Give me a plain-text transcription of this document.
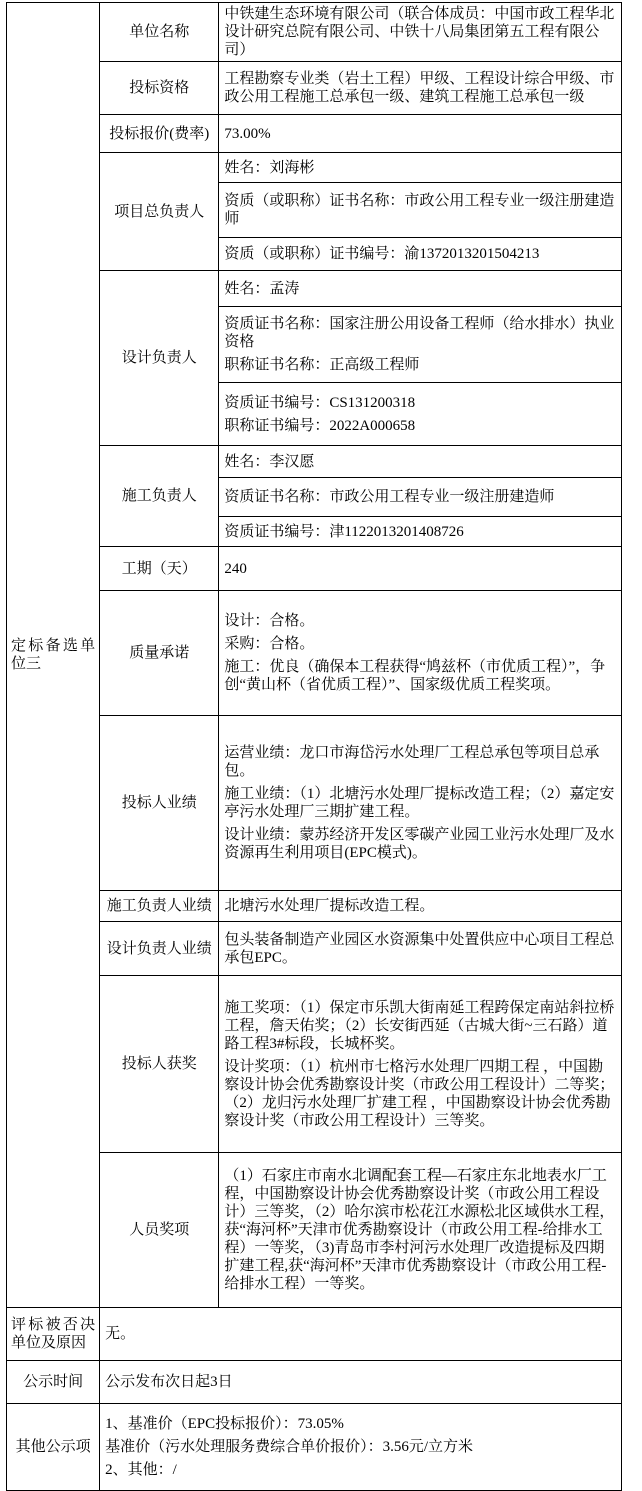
定标备选单位三	单位名称	中铁建生态环境有限公司（联合体成员：中国市政工程华北设计研究总院有限公司、中铁十八局集团第五工程有限公司）
	投标资格	工程勘察专业类（岩土工程）甲级、工程设计综合甲级、市政公用工程施工总承包一级、建筑工程施工总承包一级
	投标报价(费率)	73.00%
	项目总负责人	姓名：刘海彬
		资质（或职称）证书名称：市政公用工程专业一级注册建造师
		资质（或职称）证书编号：渝1372013201504213
	设计负责人	姓名：孟涛

		资质证书名称：国家注册公用设备工程师（给水排水）执业资格

职称证书名称：正高级工程师

		资质证书编号：CS131200318

职称证书编号：2022A000658

	施工负责人	姓名：李汉愿
		资质证书名称：市政公用工程专业一级注册建造师
		资质证书编号：津1122013201408726
	工期（天）	240
	质量承诺	设计：合格。

采购：合格。

施工：优良（确保本工程获得“鸠兹杯（市优质工程）”，争创“黄山杯（省优质工程）”、国家级优质工程奖项。

	投标人业绩	运营业绩：龙口市海岱污水处理厂工程总承包等项目总承包。

施工业绩：（1）北塘污水处理厂提标改造工程；（2）嘉定安亭污水处理厂三期扩建工程。

设计业绩：蒙苏经济开发区零碳产业园工业污水处理厂及水资源再生利用项目(EPC模式)。

	施工负责人业绩	北塘污水处理厂提标改造工程。
	设计负责人业绩	包头装备制造产业园区水资源集中处置供应中心项目工程总承包EPC。
	投标人获奖	施工奖项：（1）保定市乐凯大街南延工程跨保定南站斜拉桥工程，詹天佑奖；（2）长安街西延（古城大街~三石路）道路工程3#标段，长城杯奖。

设计奖项：（1）杭州市七格污水处理厂四期工程 ，中国勘察设计协会优秀勘察设计奖（市政公用工程设计）二等奖；（2）龙归污水处理厂扩建工程 ，中国勘察设计协会优秀勘察设计奖（市政公用工程设计）三等奖。

	人员奖项	（1）石家庄市南水北调配套工程—石家庄东北地表水厂工程，中国勘察设计协会优秀勘察设计奖（市政公用工程设计）三等奖，（2）哈尔滨市松花江水源松北区域供水工程，获“海河杯”天津市优秀勘察设计（市政公用工程-给排水工程）一等奖，（3)青岛市李村河污水处理厂改造提标及四期扩建工程,获“海河杯”天津市优秀勘察设计（市政公用工程-给排水工程）一等奖。
评标被否决单位及原因	无。	
公示时间	公示发布次日起3日	
其他公示项	1、基准价（EPC投标报价）：73.05%

基准价（污水处理服务费综合单价报价）：3.56元/立方米

2、其他：/	
